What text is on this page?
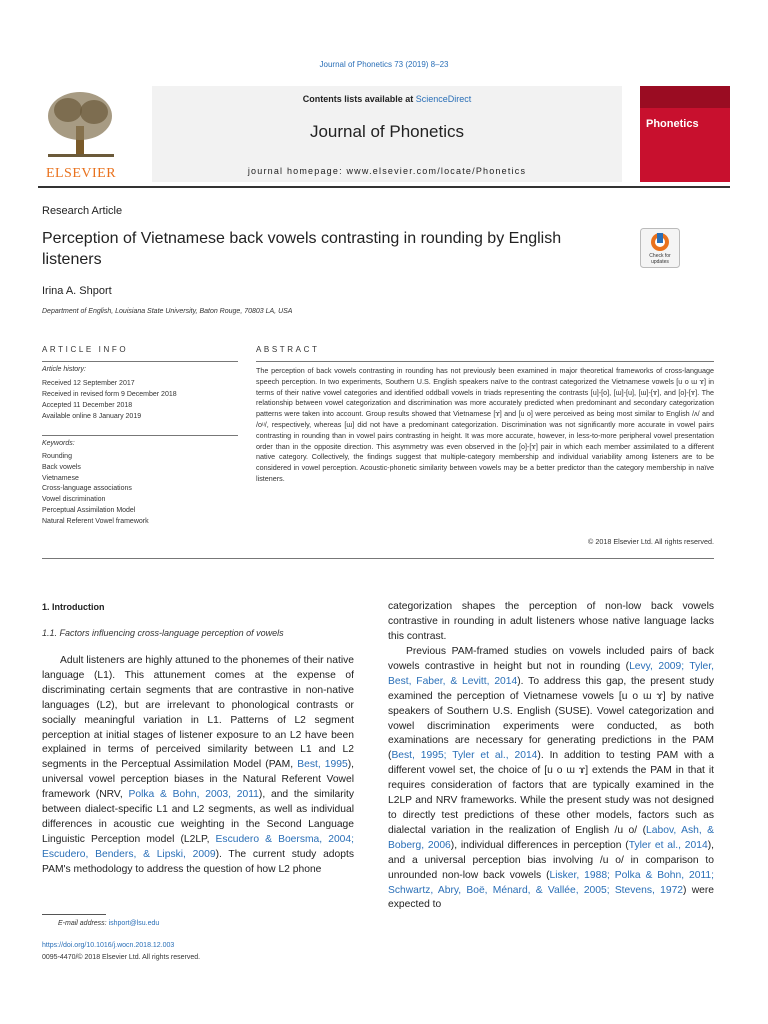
Journal of Phonetics 73 (2019) 8–23
Contents lists available at ScienceDirect
Journal of Phonetics
journal homepage: www.elsevier.com/locate/Phonetics
ELSEVIER
Phonetics
Research Article
Perception of Vietnamese back vowels contrasting in rounding by English listeners	Check for updates
Irina A. Shport
Department of English, Louisiana State University, Baton Rouge, 70803 LA, USA
ARTICLE INFO	ABSTRACT
Article history:
Received 12 September 2017
Received in revised form 9 December 2018
Accepted 11 December 2018
Available online 8 January 2019
Keywords:
Rounding
Back vowels
Vietnamese
Cross-language associations
Vowel discrimination
Perceptual Assimilation Model
Natural Referent Vowel framework
The perception of back vowels contrasting in rounding has not previously been examined in major theoretical frameworks of cross-language speech perception. In two experiments, Southern U.S. English speakers naïve to the contrast categorized the Vietnamese vowels [u o ɯ ɤ] in terms of their native vowel categories and identified oddball vowels in triads representing the contrasts [u]-[o], [ɯ]-[u], [ɯ]-[ɤ], and [o]-[ɤ]. The relationship between vowel categorization and discrimination was more accurately predicted when predominant and secondary categorization patterns were taken into account. Group results showed that Vietnamese [ɤ] and [u o] were perceived as being most similar to English /ʌ/ and /oᵘ/, respectively, whereas [ɯ] did not have a predominant categorization. Discrimination was not significantly more accurate in vowel pairs contrasting in rounding than in vowel pairs contrasting in height. It was more accurate, however, in less-to-more peripheral vowel presentation order than in the opposite direction. This asymmetry was even observed in the [o]-[ɤ] pair in which each member assimilated to a different native category. Collectively, the findings suggest that multiple-category membership and individual variability among listeners are to be considered in vowel perception. Acoustic-phonetic similarity between vowels may be a better predictor than the category membership in naïve listeners.
© 2018 Elsevier Ltd. All rights reserved.
1. Introduction
1.1. Factors influencing cross-language perception of vowels
Adult listeners are highly attuned to the phonemes of their native language (L1). This attunement comes at the expense of discriminating certain segments that are contrastive in non-native languages (L2), but are irrelevant to phonological contrasts or socially meaningful variation in L1. Patterns of L2 segment perception at initial stages of listener exposure to an L2 have been explained in terms of perceived similarity between L1 and L2 segments in the Perceptual Assimilation Model (PAM, Best, 1995), universal vowel perception biases in the Natural Referent Vowel framework (NRV, Polka & Bohn, 2003, 2011), and the similarity between dialect-specific L1 and L2 segments, as well as individual differences in acoustic cue weighting in the Second Language Linguistic Perception model (L2LP, Escudero & Boersma, 2004; Escudero, Benders, & Lipski, 2009). The current study adopts PAM's methodology to address the question of how L2 phone
categorization shapes the perception of non-low back vowels contrastive in rounding in adult listeners whose native language lacks this contrast.
Previous PAM-framed studies on vowels included pairs of back vowels contrastive in height but not in rounding (Levy, 2009; Tyler, Best, Faber, & Levitt, 2014). To address this gap, the present study examined the perception of Vietnamese vowels [u o ɯ ɤ] by native speakers of Southern U.S. English (SUSE). Vowel categorization and vowel discrimination experiments were conducted, as both examinations are necessary for generating predictions in the PAM (Best, 1995; Tyler et al., 2014). In addition to testing PAM with a different vowel set, the choice of [u o ɯ ɤ] extends the PAM in that it requires consideration of factors that are typically examined in the L2LP and NRV frameworks. While the present study was not designed to directly test predictions of these other models, factors such as dialectal variation in the realization of English /u o/ (Labov, Ash, & Boberg, 2006), individual differences in perception (Tyler et al., 2014), and a universal perception bias involving /u o/ in comparison to unrounded non-low back vowels (Lisker, 1988; Polka & Bohn, 2011; Schwartz, Abry, Boë, Ménard, & Vallée, 2005; Stevens, 1972) were expected to
E-mail address: ishport@lsu.edu
https://doi.org/10.1016/j.wocn.2018.12.003
0095-4470/© 2018 Elsevier Ltd. All rights reserved.
